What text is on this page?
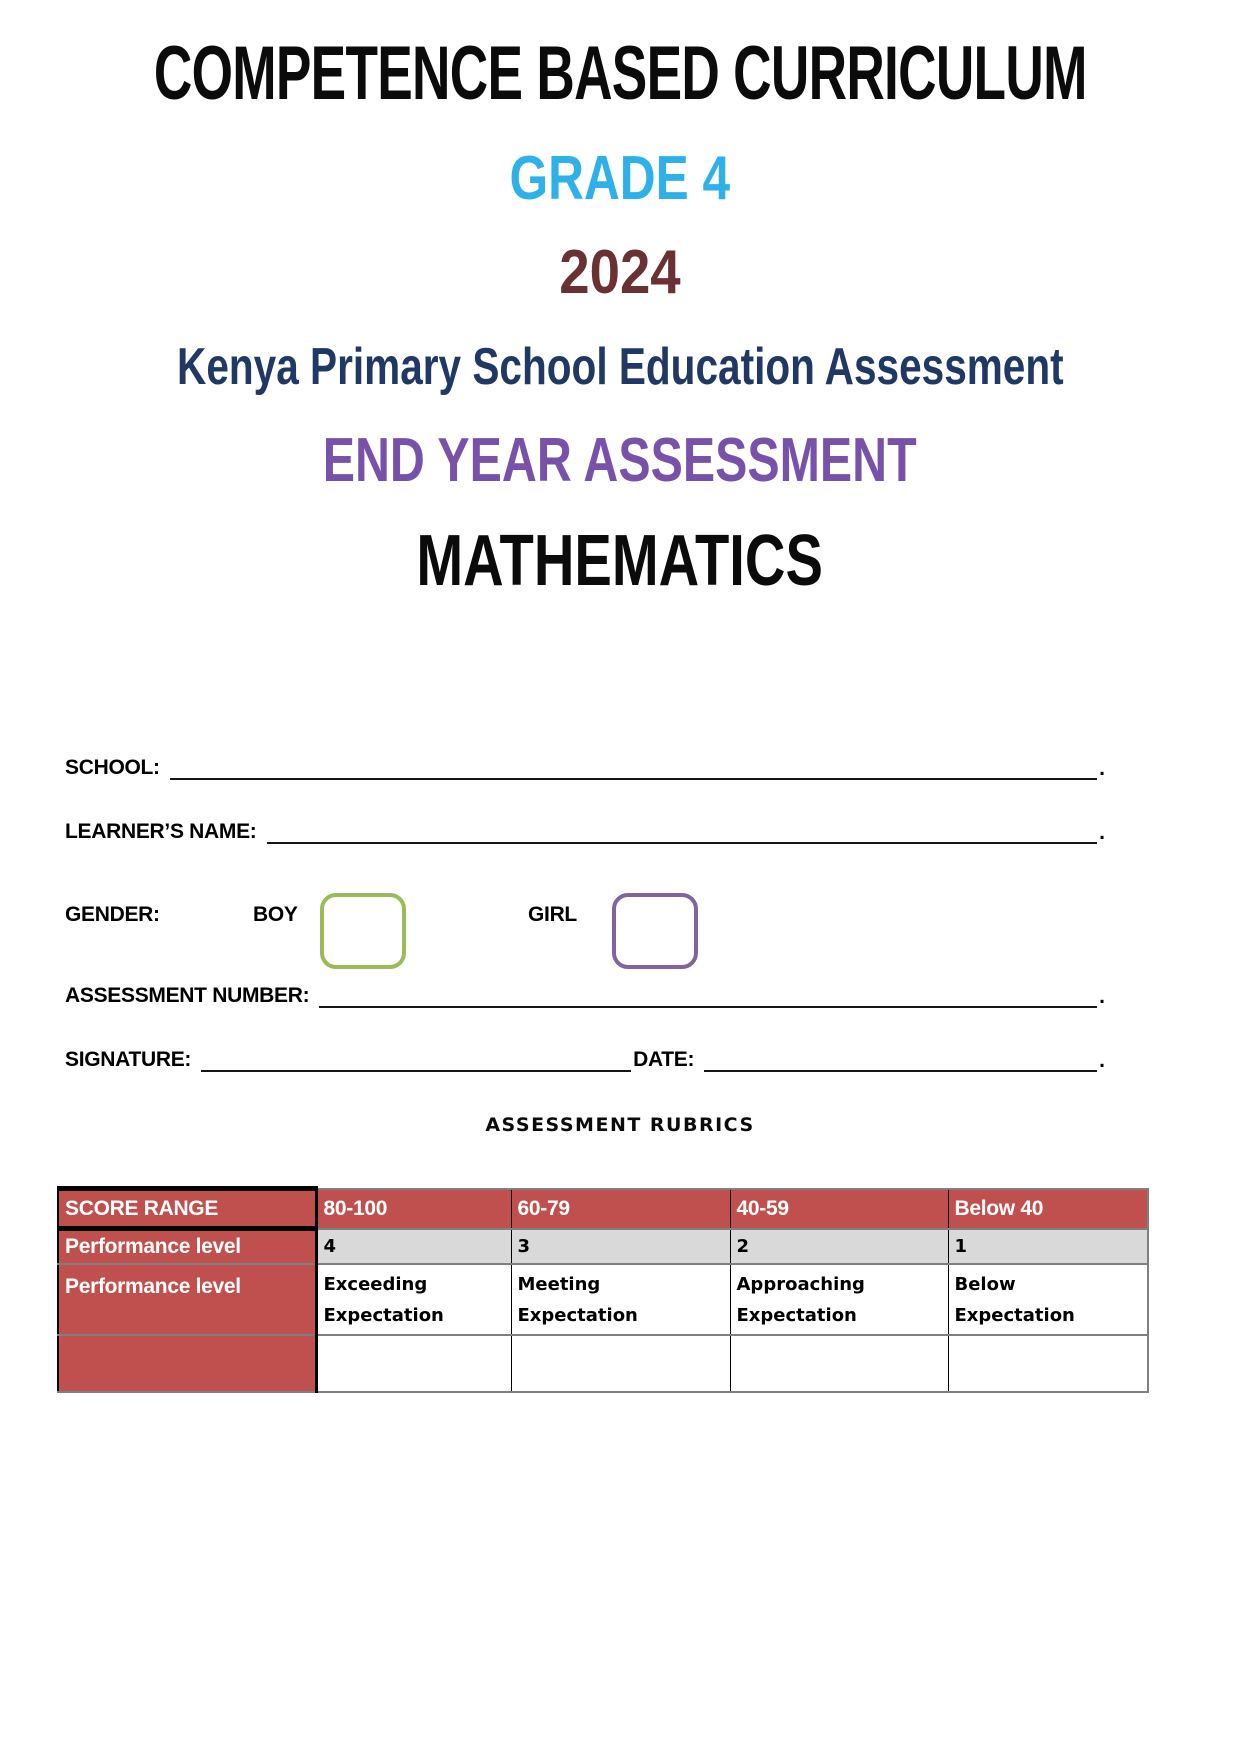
COMPETENCE BASED CURRICULUM
GRADE 4
2024
Kenya Primary School Education Assessment
END YEAR ASSESSMENT
MATHEMATICS
SCHOOL:	.
LEARNER’S NAME:	.
GENDER:	BOY	GIRL
ASSESSMENT NUMBER:	.
SIGNATURE:	DATE:	.
ASSESSMENT RUBRICS
SCORE RANGE	80-100	60-79	40-59	Below 40
Performance level	4	3	2	1
Performance level	Exceeding Expectation	Meeting Expectation	Approaching Expectation	Below Expectation
